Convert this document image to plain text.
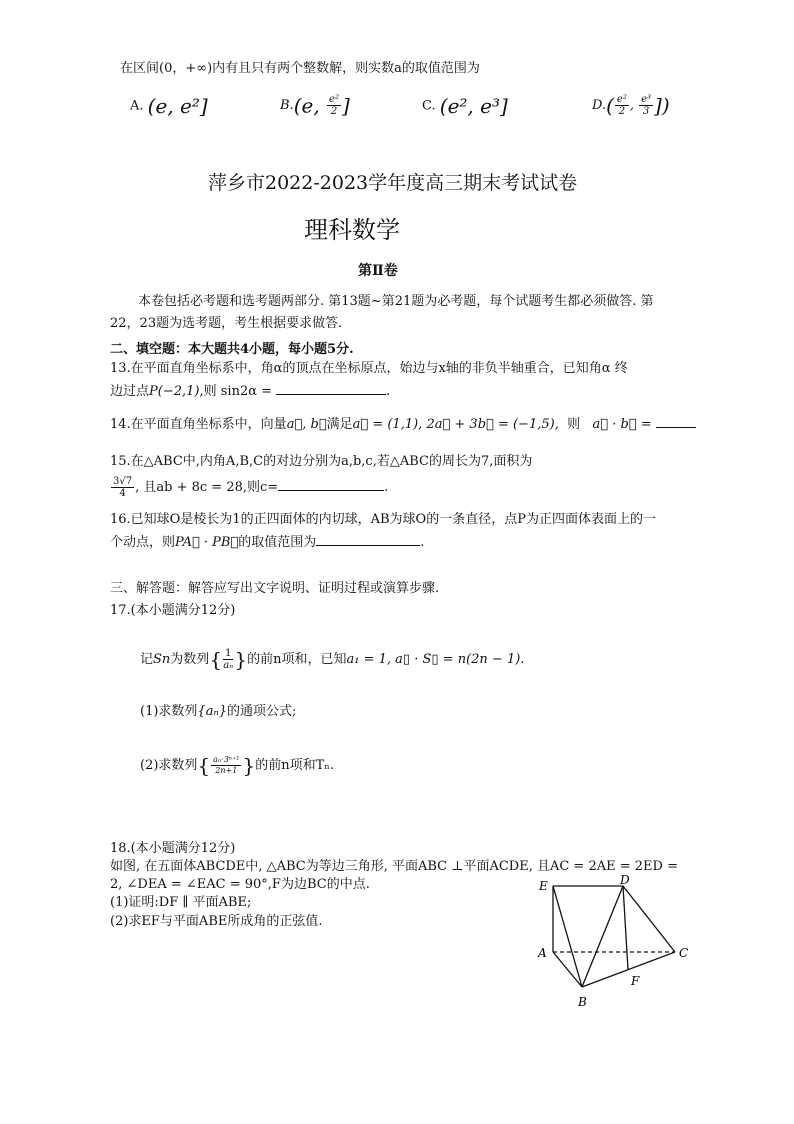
在区间(0，+∞)内有且只有两个整数解，则实数a的取值范围为
A. (e, e²]	B.(e, $\frac{\text{e²}}{2}$ ]	C. (e², e³]	$D.( \frac{\text{e²}}{2}$ , $\frac{\text{e³}}{3}$ ])
萍乡市2022-2023学年度高三期末考试试卷
理科数学
第Ⅱ卷
本卷包括必考题和选考题两部分. 第13题~第21题为必考题，每个试题考生都必须做答. 第
22，23题为选考题，考生根据要求做答.
二、填空题：本大题共4小题，每小题5分.
13.在平面直角坐标系中，角α的顶点在坐标原点，始边与x轴的非负半轴重合，已知角α 终
边过点P(−2,1),则 sin2α =	.
14.在平面直角坐标系中，向量a⃗, b⃗满足a⃗ = (1,1), 2a⃗ + 3b⃗ = (−1,5), 则 a⃗ · b⃗ =
15.在△ABC中,内角A,B,C的对边分别为a,b,c,若△ABC的周长为7,面积为
$\frac{3√7}{4}$ , 且ab + 8c = 28,则c=	.
16.已知球O是棱长为1的正四面体的内切球，AB为球O的一条直径，点P为正四面体表面上的一
个动点，则PA⃗ · PB⃗的取值范围为	.
三、解答题：解答应写出文字说明、证明过程或演算步骤.
17.(本小题满分12分)
记Sn为数列{ $\frac{1}{\text{aₙ}}$ }的前n项和，已知a₁ = 1, a▯ · S▯ = n(2n − 1).
(1)求数列{aₙ}的通项公式;
(2)求数列{ $\frac{\text{aₙ·3ⁿ⁺¹}}{2n+1}$ }的前n项和Tₙ.
18.(本小题满分12分)
如图, 在五面体ABCDE中, △ABC为等边三角形, 平面ABC ⊥平面ACDE, 且AC = 2AE = 2ED =
2, ∠DEA = ∠EAC = 90°,F为边BC的中点.
(1)证明:DF ∥ 平面ABE;
(2)求EF与平面ABE所成角的正弦值.
E	D
A	C
F
B
